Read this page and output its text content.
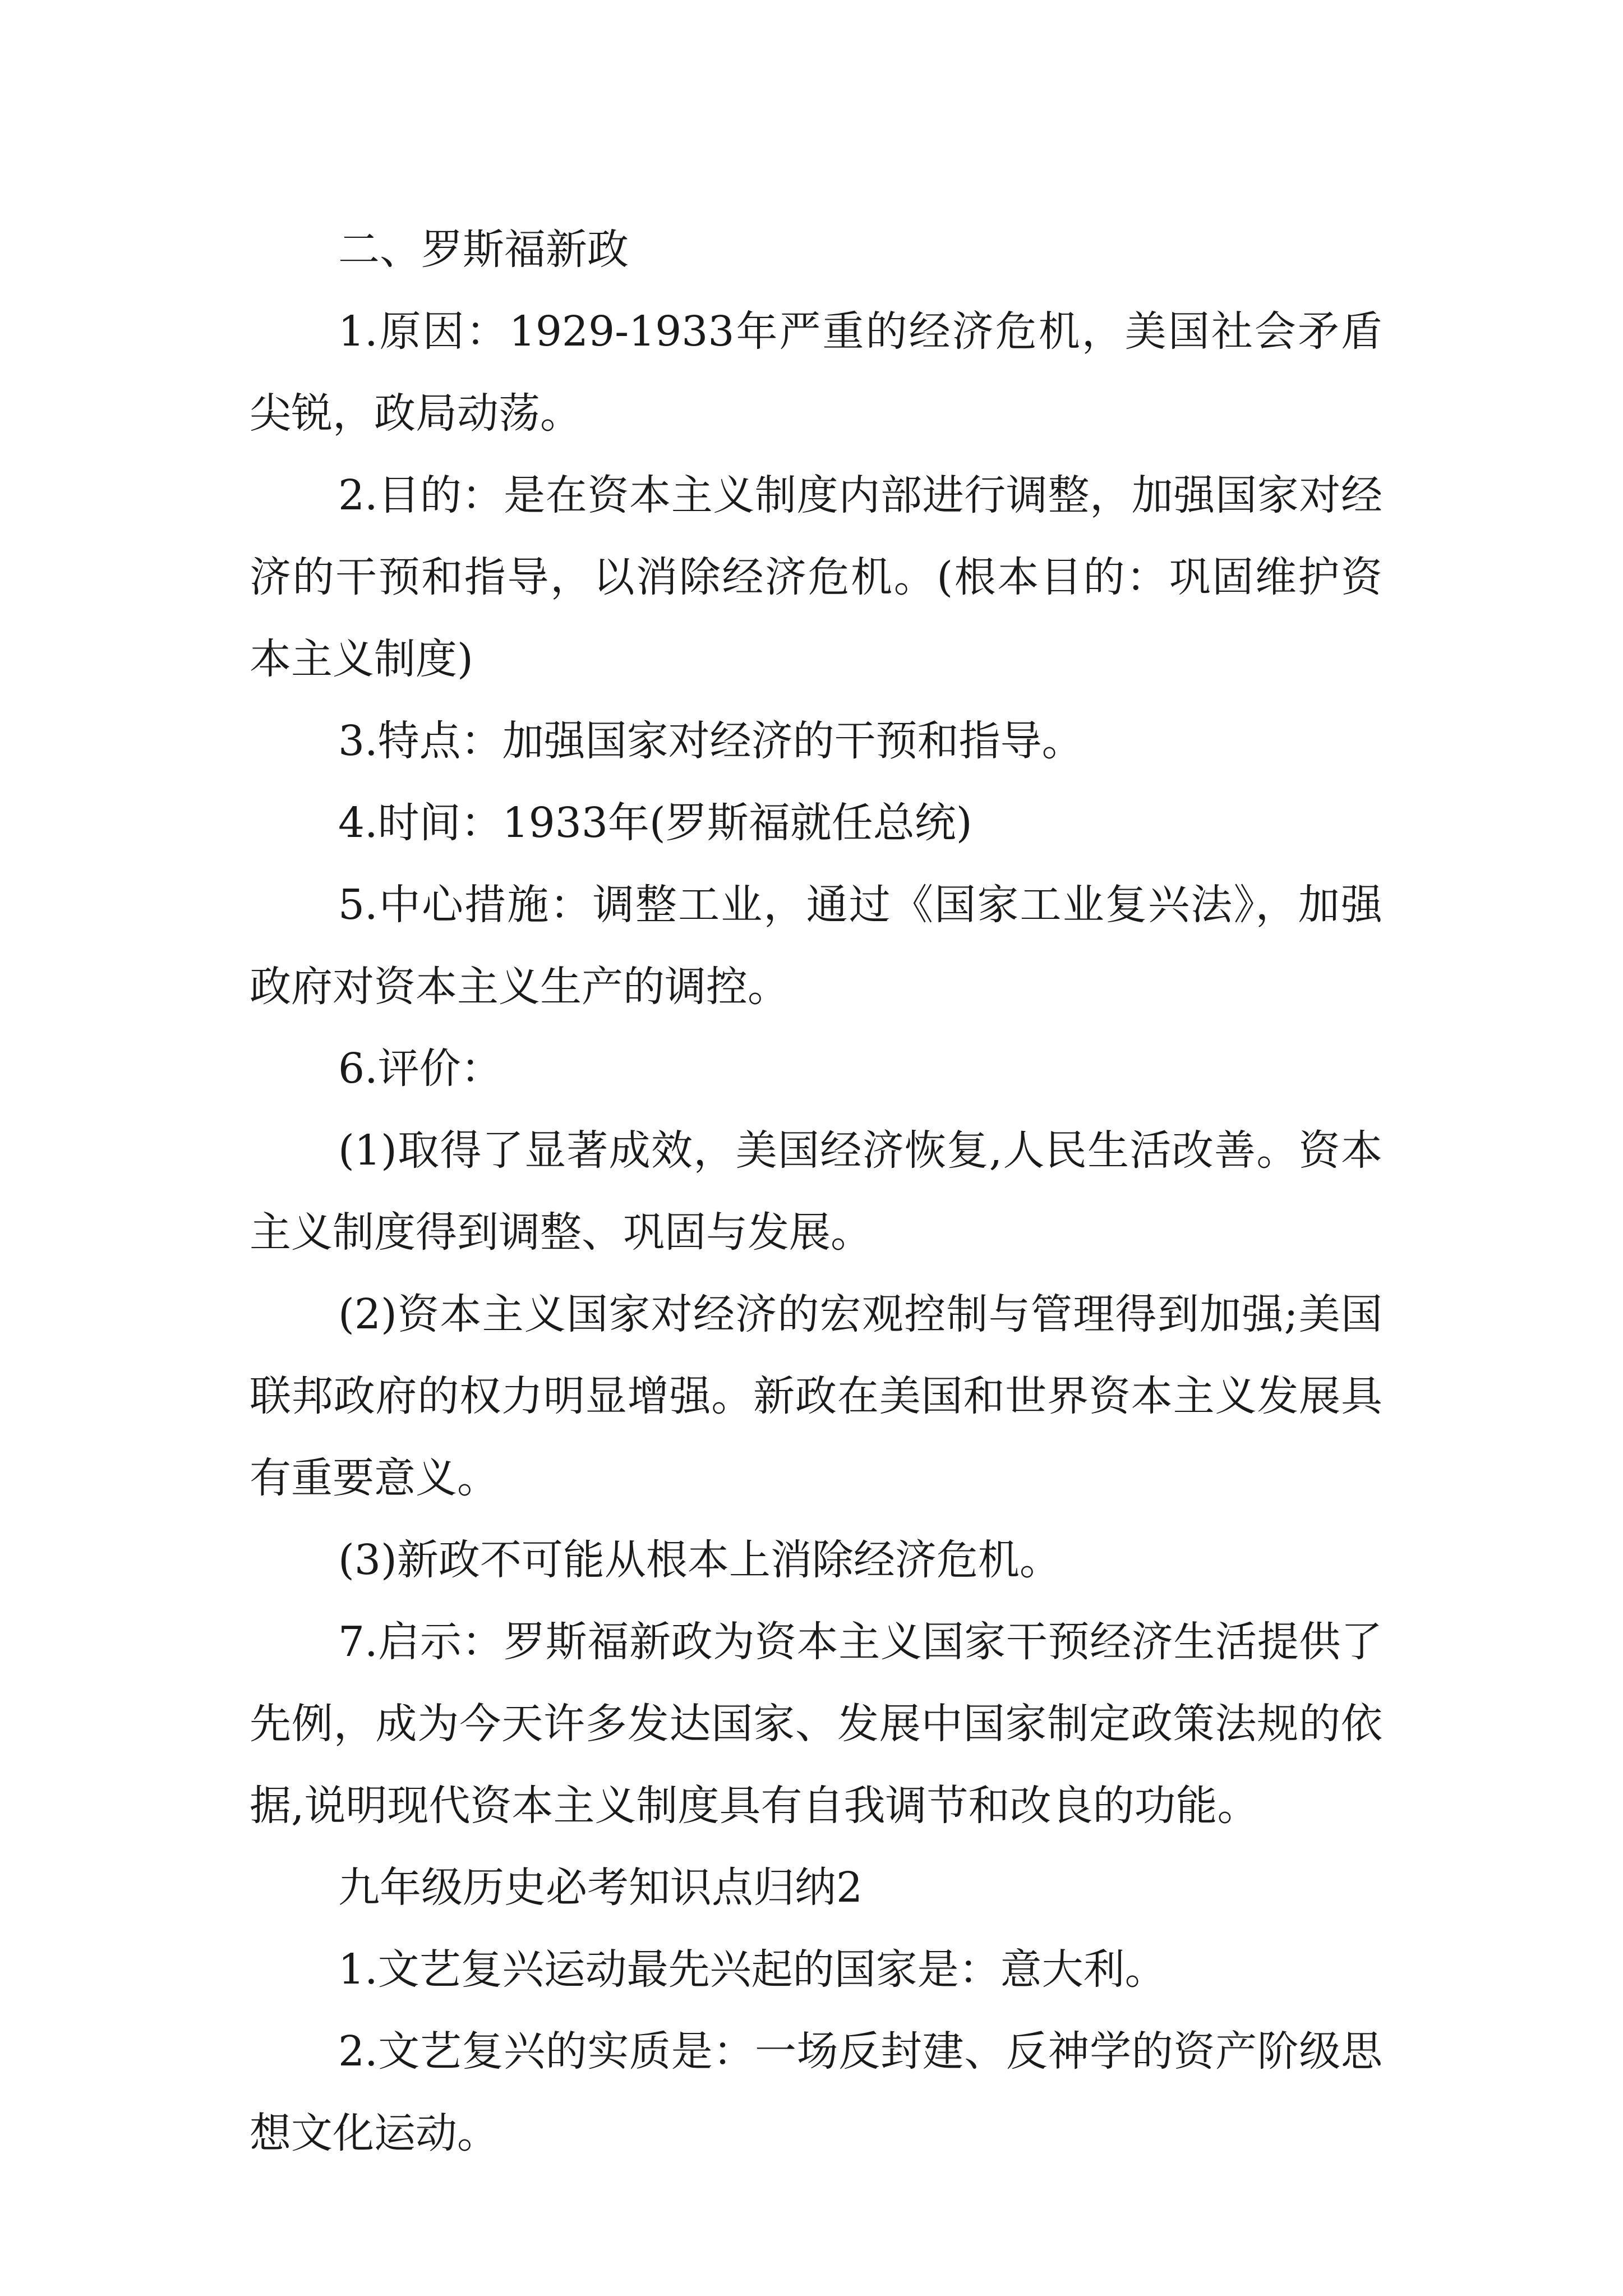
二、罗斯福新政

1.原因：1929-1933年严重的经济危机，美国社会矛盾尖锐，政局动荡。

2.目的：是在资本主义制度内部进行调整，加强国家对经济的干预和指导，以消除经济危机。(根本目的：巩固维护资本主义制度)

3.特点：加强国家对经济的干预和指导。

4.时间：1933年(罗斯福就任总统)

5.中心措施：调整工业，通过《国家工业复兴法》，加强政府对资本主义生产的调控。

6.评价：

(1)取得了显著成效，美国经济恢复,人民生活改善。资本主义制度得到调整、巩固与发展。

(2)资本主义国家对经济的宏观控制与管理得到加强;美国联邦政府的权力明显增强。新政在美国和世界资本主义发展具有重要意义。

(3)新政不可能从根本上消除经济危机。

7.启示：罗斯福新政为资本主义国家干预经济生活提供了先例，成为今天许多发达国家、发展中国家制定政策法规的依据,说明现代资本主义制度具有自我调节和改良的功能。

九年级历史必考知识点归纳2

1.文艺复兴运动最先兴起的国家是：意大利。

2.文艺复兴的实质是：一场反封建、反神学的资产阶级思想文化运动。
